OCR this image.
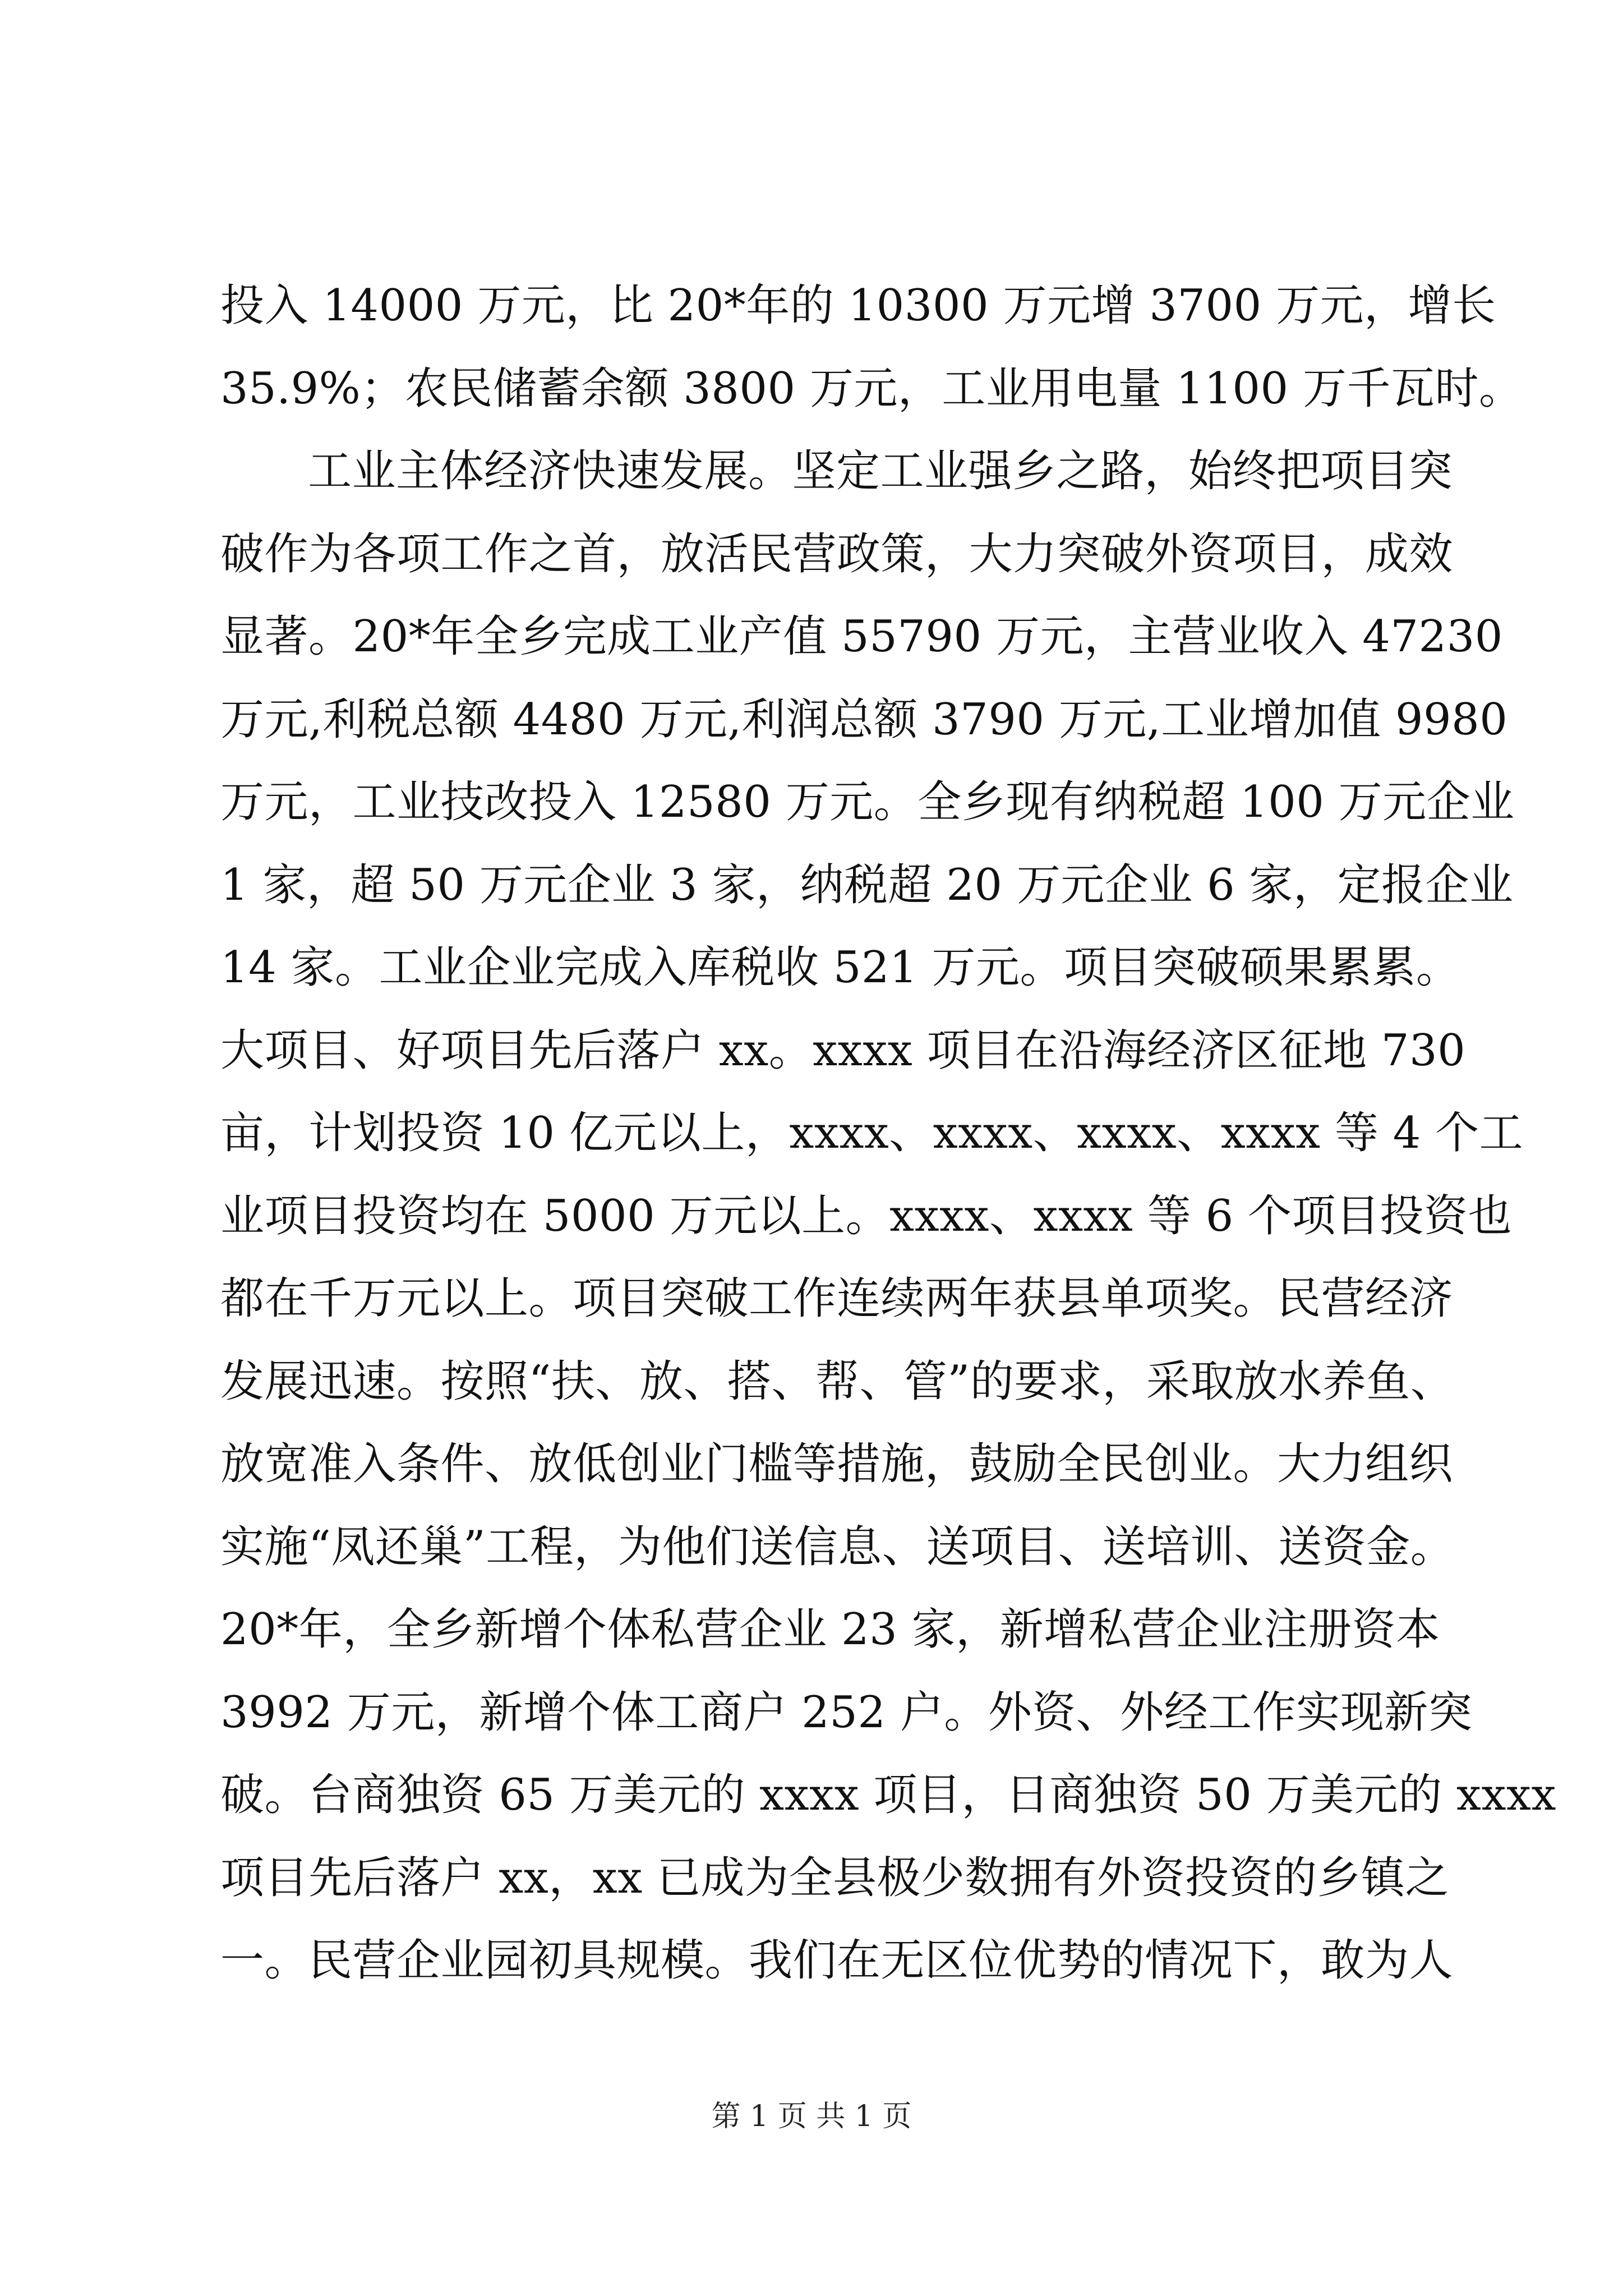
投入 14000 万元，比 20*年的 10300 万元增 3700 万元，增长
35.9%；农民储蓄余额 3800 万元，工业用电量 1100 万千瓦时。
工业主体经济快速发展。坚定工业强乡之路，始终把项目突
破作为各项工作之首，放活民营政策，大力突破外资项目，成效
显著。20*年全乡完成工业产值 55790 万元，主营业收入 47230
万元,利税总额 4480 万元,利润总额 3790 万元,工业增加值 9980
万元，工业技改投入 12580 万元。全乡现有纳税超 100 万元企业
1 家，超 50 万元企业 3 家，纳税超 20 万元企业 6 家，定报企业
14 家。工业企业完成入库税收 521 万元。项目突破硕果累累。
大项目、好项目先后落户 xx。xxxx 项目在沿海经济区征地 730
亩，计划投资 10 亿元以上，xxxx、xxxx、xxxx、xxxx 等 4 个工
业项目投资均在 5000 万元以上。xxxx、xxxx 等 6 个项目投资也
都在千万元以上。项目突破工作连续两年获县单项奖。民营经济
发展迅速。按照“扶、放、搭、帮、管”的要求，采取放水养鱼、
放宽准入条件、放低创业门槛等措施，鼓励全民创业。大力组织
实施“凤还巢”工程，为他们送信息、送项目、送培训、送资金。
20*年，全乡新增个体私营企业 23 家，新增私营企业注册资本
3992 万元，新增个体工商户 252 户。外资、外经工作实现新突
破。台商独资 65 万美元的 xxxx 项目，日商独资 50 万美元的 xxxx
项目先后落户 xx，xx 已成为全县极少数拥有外资投资的乡镇之
一。民营企业园初具规模。我们在无区位优势的情况下，敢为人
第 1 页 共 1 页
